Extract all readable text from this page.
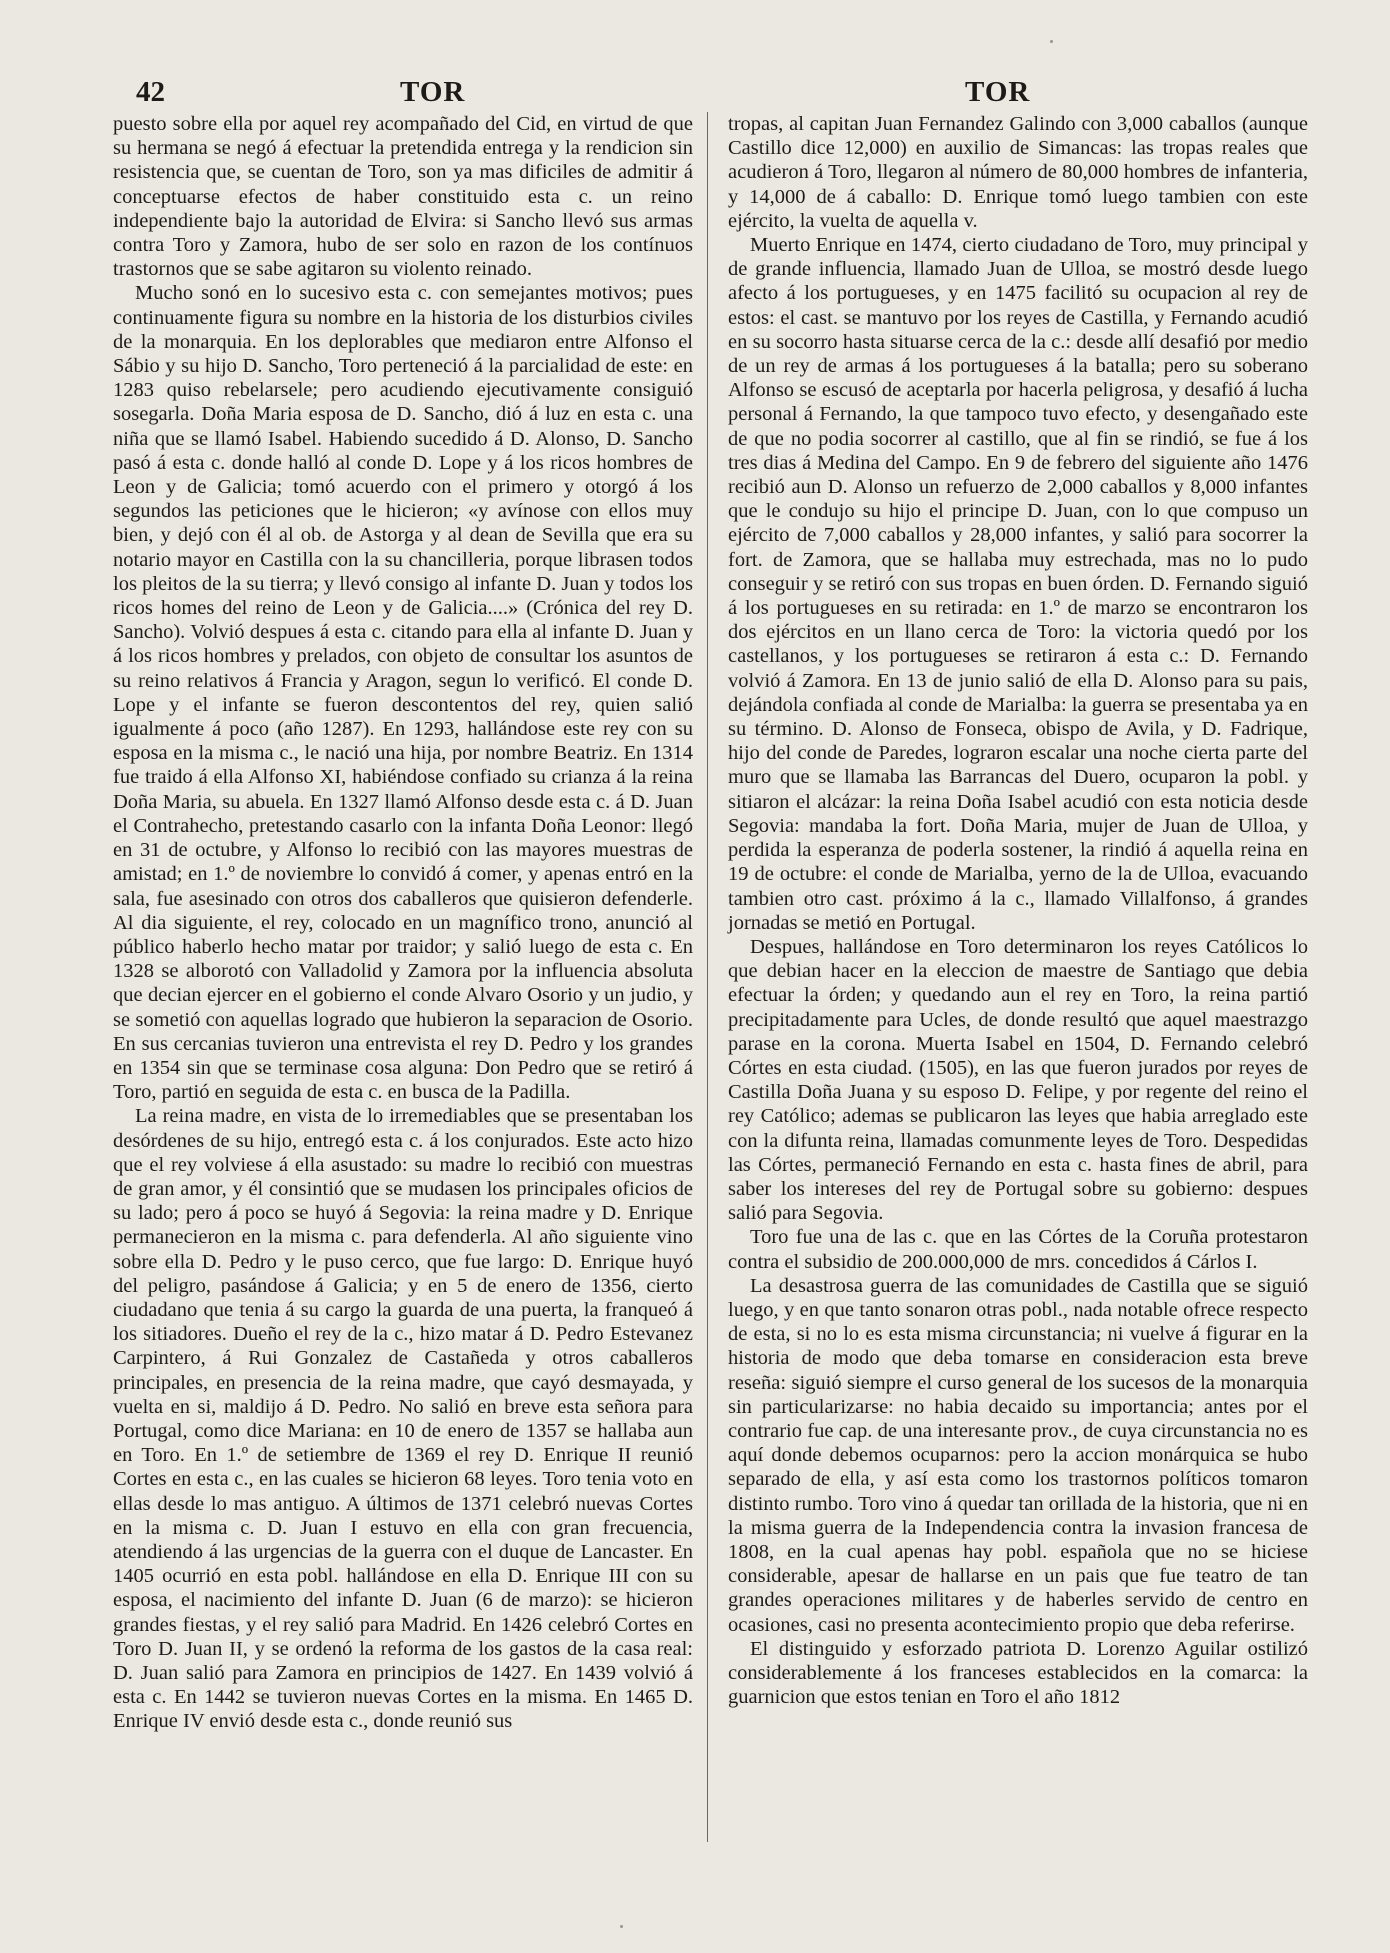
42	TOR	TOR

puesto sobre ella por aquel rey acompañado del Cid, en virtud de que su hermana se negó á efectuar la pretendida entrega y la rendicion sin resistencia que, se cuentan de Toro, son ya mas dificiles de admitir á conceptuarse efectos de haber constituido esta c. un reino independiente bajo la autoridad de Elvira: si Sancho llevó sus armas contra Toro y Zamora, hubo de ser solo en razon de los contínuos trastornos que se sabe agitaron su violento reinado.

Mucho sonó en lo sucesivo esta c. con semejantes motivos; pues continuamente figura su nombre en la historia de los disturbios civiles de la monarquia. En los deplorables que mediaron entre Alfonso el Sábio y su hijo D. Sancho, Toro perteneció á la parcialidad de este: en 1283 quiso rebelarsele; pero acudiendo ejecutivamente consiguió sosegarla. Doña Maria esposa de D. Sancho, dió á luz en esta c. una niña que se llamó Isabel. Habiendo sucedido á D. Alonso, D. Sancho pasó á esta c. donde halló al conde D. Lope y á los ricos hombres de Leon y de Galicia; tomó acuerdo con el primero y otorgó á los segundos las peticiones que le hicieron; «y avínose con ellos muy bien, y dejó con él al ob. de Astorga y al dean de Sevilla que era su notario mayor en Castilla con la su chancilleria, porque librasen todos los pleitos de la su tierra; y llevó consigo al infante D. Juan y todos los ricos homes del reino de Leon y de Galicia....» (Crónica del rey D. Sancho). Volvió despues á esta c. citando para ella al infante D. Juan y á los ricos hombres y prelados, con objeto de consultar los asuntos de su reino relativos á Francia y Aragon, segun lo verificó. El conde D. Lope y el infante se fueron descontentos del rey, quien salió igualmente á poco (año 1287). En 1293, hallándose este rey con su esposa en la misma c., le nació una hija, por nombre Beatriz. En 1314 fue traido á ella Alfonso XI, habiéndose confiado su crianza á la reina Doña Maria, su abuela. En 1327 llamó Alfonso desde esta c. á D. Juan el Contrahecho, pretestando casarlo con la infanta Doña Leonor: llegó en 31 de octubre, y Alfonso lo recibió con las mayores muestras de amistad; en 1.º de noviembre lo convidó á comer, y apenas entró en la sala, fue asesinado con otros dos caballeros que quisieron defenderle. Al dia siguiente, el rey, colocado en un magnífico trono, anunció al público haberlo hecho matar por traidor; y salió luego de esta c. En 1328 se alborotó con Valladolid y Zamora por la influencia absoluta que decian ejercer en el gobierno el conde Alvaro Osorio y un judio, y se sometió con aquellas logrado que hubieron la separacion de Osorio. En sus cercanias tuvieron una entrevista el rey D. Pedro y los grandes en 1354 sin que se terminase cosa alguna: Don Pedro que se retiró á Toro, partió en seguida de esta c. en busca de la Padilla.

La reina madre, en vista de lo irremediables que se presentaban los desórdenes de su hijo, entregó esta c. á los conjurados. Este acto hizo que el rey volviese á ella asustado: su madre lo recibió con muestras de gran amor, y él consintió que se mudasen los principales oficios de su lado; pero á poco se huyó á Segovia: la reina madre y D. Enrique permanecieron en la misma c. para defenderla. Al año siguiente vino sobre ella D. Pedro y le puso cerco, que fue largo: D. Enrique huyó del peligro, pasándose á Galicia; y en 5 de enero de 1356, cierto ciudadano que tenia á su cargo la guarda de una puerta, la franqueó á los sitiadores. Dueño el rey de la c., hizo matar á D. Pedro Estevanez Carpintero, á Rui Gonzalez de Castañeda y otros caballeros principales, en presencia de la reina madre, que cayó desmayada, y vuelta en si, maldijo á D. Pedro. No salió en breve esta señora para Portugal, como dice Mariana: en 10 de enero de 1357 se hallaba aun en Toro. En 1.º de setiembre de 1369 el rey D. Enrique II reunió Cortes en esta c., en las cuales se hicieron 68 leyes. Toro tenia voto en ellas desde lo mas antiguo. A últimos de 1371 celebró nuevas Cortes en la misma c. D. Juan I estuvo en ella con gran frecuencia, atendiendo á las urgencias de la guerra con el duque de Lancaster. En 1405 ocurrió en esta pobl. hallándose en ella D. Enrique III con su esposa, el nacimiento del infante D. Juan (6 de marzo): se hicieron grandes fiestas, y el rey salió para Madrid. En 1426 celebró Cortes en Toro D. Juan II, y se ordenó la reforma de los gastos de la casa real: D. Juan salió para Zamora en principios de 1427. En 1439 volvió á esta c. En 1442 se tuvieron nuevas Cortes en la misma. En 1465 D. Enrique IV envió desde esta c., donde reunió sus

tropas, al capitan Juan Fernandez Galindo con 3,000 caballos (aunque Castillo dice 12,000) en auxilio de Simancas: las tropas reales que acudieron á Toro, llegaron al número de 80,000 hombres de infanteria, y 14,000 de á caballo: D. Enrique tomó luego tambien con este ejército, la vuelta de aquella v.

Muerto Enrique en 1474, cierto ciudadano de Toro, muy principal y de grande influencia, llamado Juan de Ulloa, se mostró desde luego afecto á los portugueses, y en 1475 facilitó su ocupacion al rey de estos: el cast. se mantuvo por los reyes de Castilla, y Fernando acudió en su socorro hasta situarse cerca de la c.: desde allí desafió por medio de un rey de armas á los portugueses á la batalla; pero su soberano Alfonso se escusó de aceptarla por hacerla peligrosa, y desafió á lucha personal á Fernando, la que tampoco tuvo efecto, y desengañado este de que no podia socorrer al castillo, que al fin se rindió, se fue á los tres dias á Medina del Campo. En 9 de febrero del siguiente año 1476 recibió aun D. Alonso un refuerzo de 2,000 caballos y 8,000 infantes que le condujo su hijo el principe D. Juan, con lo que compuso un ejército de 7,000 caballos y 28,000 infantes, y salió para socorrer la fort. de Zamora, que se hallaba muy estrechada, mas no lo pudo conseguir y se retiró con sus tropas en buen órden. D. Fernando siguió á los portugueses en su retirada: en 1.º de marzo se encontraron los dos ejércitos en un llano cerca de Toro: la victoria quedó por los castellanos, y los portugueses se retiraron á esta c.: D. Fernando volvió á Zamora. En 13 de junio salió de ella D. Alonso para su pais, dejándola confiada al conde de Marialba: la guerra se presentaba ya en su término. D. Alonso de Fonseca, obispo de Avila, y D. Fadrique, hijo del conde de Paredes, lograron escalar una noche cierta parte del muro que se llamaba las Barrancas del Duero, ocuparon la pobl. y sitiaron el alcázar: la reina Doña Isabel acudió con esta noticia desde Segovia: mandaba la fort. Doña Maria, mujer de Juan de Ulloa, y perdida la esperanza de poderla sostener, la rindió á aquella reina en 19 de octubre: el conde de Marialba, yerno de la de Ulloa, evacuando tambien otro cast. próximo á la c., llamado Villalfonso, á grandes jornadas se metió en Portugal.

Despues, hallándose en Toro determinaron los reyes Católicos lo que debian hacer en la eleccion de maestre de Santiago que debia efectuar la órden; y quedando aun el rey en Toro, la reina partió precipitadamente para Ucles, de donde resultó que aquel maestrazgo parase en la corona. Muerta Isabel en 1504, D. Fernando celebró Córtes en esta ciudad. (1505), en las que fueron jurados por reyes de Castilla Doña Juana y su esposo D. Felipe, y por regente del reino el rey Católico; ademas se publicaron las leyes que habia arreglado este con la difunta reina, llamadas comunmente leyes de Toro. Despedidas las Córtes, permaneció Fernando en esta c. hasta fines de abril, para saber los intereses del rey de Portugal sobre su gobierno: despues salió para Segovia.

Toro fue una de las c. que en las Córtes de la Coruña protestaron contra el subsidio de 200.000,000 de mrs. concedidos á Cárlos I.

La desastrosa guerra de las comunidades de Castilla que se siguió luego, y en que tanto sonaron otras pobl., nada notable ofrece respecto de esta, si no lo es esta misma circunstancia; ni vuelve á figurar en la historia de modo que deba tomarse en consideracion esta breve reseña: siguió siempre el curso general de los sucesos de la monarquia sin particularizarse: no habia decaido su importancia; antes por el contrario fue cap. de una interesante prov., de cuya circunstancia no es aquí donde debemos ocuparnos: pero la accion monárquica se hubo separado de ella, y así esta como los trastornos políticos tomaron distinto rumbo. Toro vino á quedar tan orillada de la historia, que ni en la misma guerra de la Independencia contra la invasion francesa de 1808, en la cual apenas hay pobl. española que no se hiciese considerable, apesar de hallarse en un pais que fue teatro de tan grandes operaciones militares y de haberles servido de centro en ocasiones, casi no presenta acontecimiento propio que deba referirse.

El distinguido y esforzado patriota D. Lorenzo Aguilar ostilizó considerablemente á los franceses establecidos en la comarca: la guarnicion que estos tenian en Toro el año 1812
